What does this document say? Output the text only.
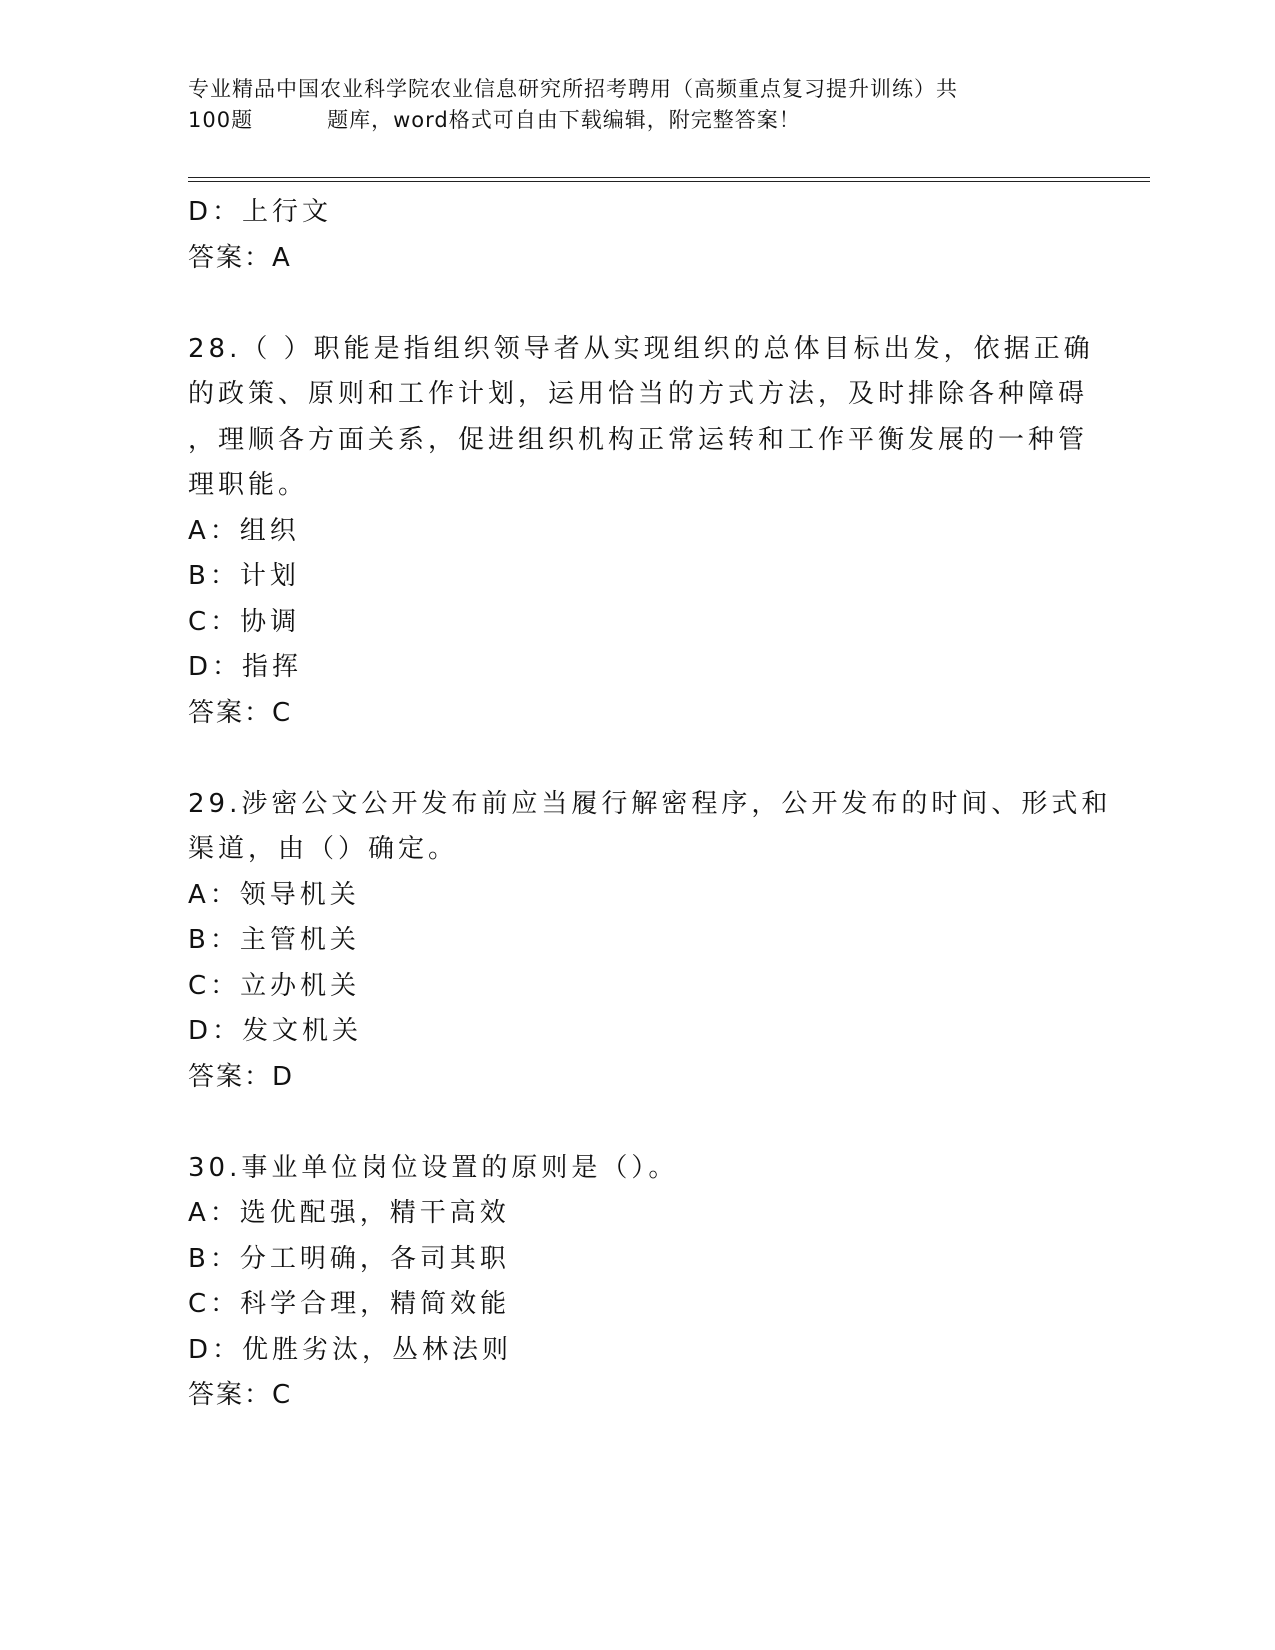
专业精品中国农业科学院农业信息研究所招考聘用（高频重点复习提升训练）共
100题	题库，word格式可自由下载编辑，附完整答案！
D：上行文
答案：A
28.（ ）职能是指组织领导者从实现组织的总体目标出发，依据正确
的政策、原则和工作计划，运用恰当的方式方法，及时排除各种障碍
，理顺各方面关系，促进组织机构正常运转和工作平衡发展的一种管
理职能。
A：组织
B：计划
C：协调
D：指挥
答案：C
29.涉密公文公开发布前应当履行解密程序，公开发布的时间、形式和
渠道，由（）确定。
A：领导机关
B：主管机关
C：立办机关
D：发文机关
答案：D
30.事业单位岗位设置的原则是（）。
A：选优配强，精干高效
B：分工明确，各司其职
C：科学合理，精简效能
D：优胜劣汰，丛林法则
答案：C
